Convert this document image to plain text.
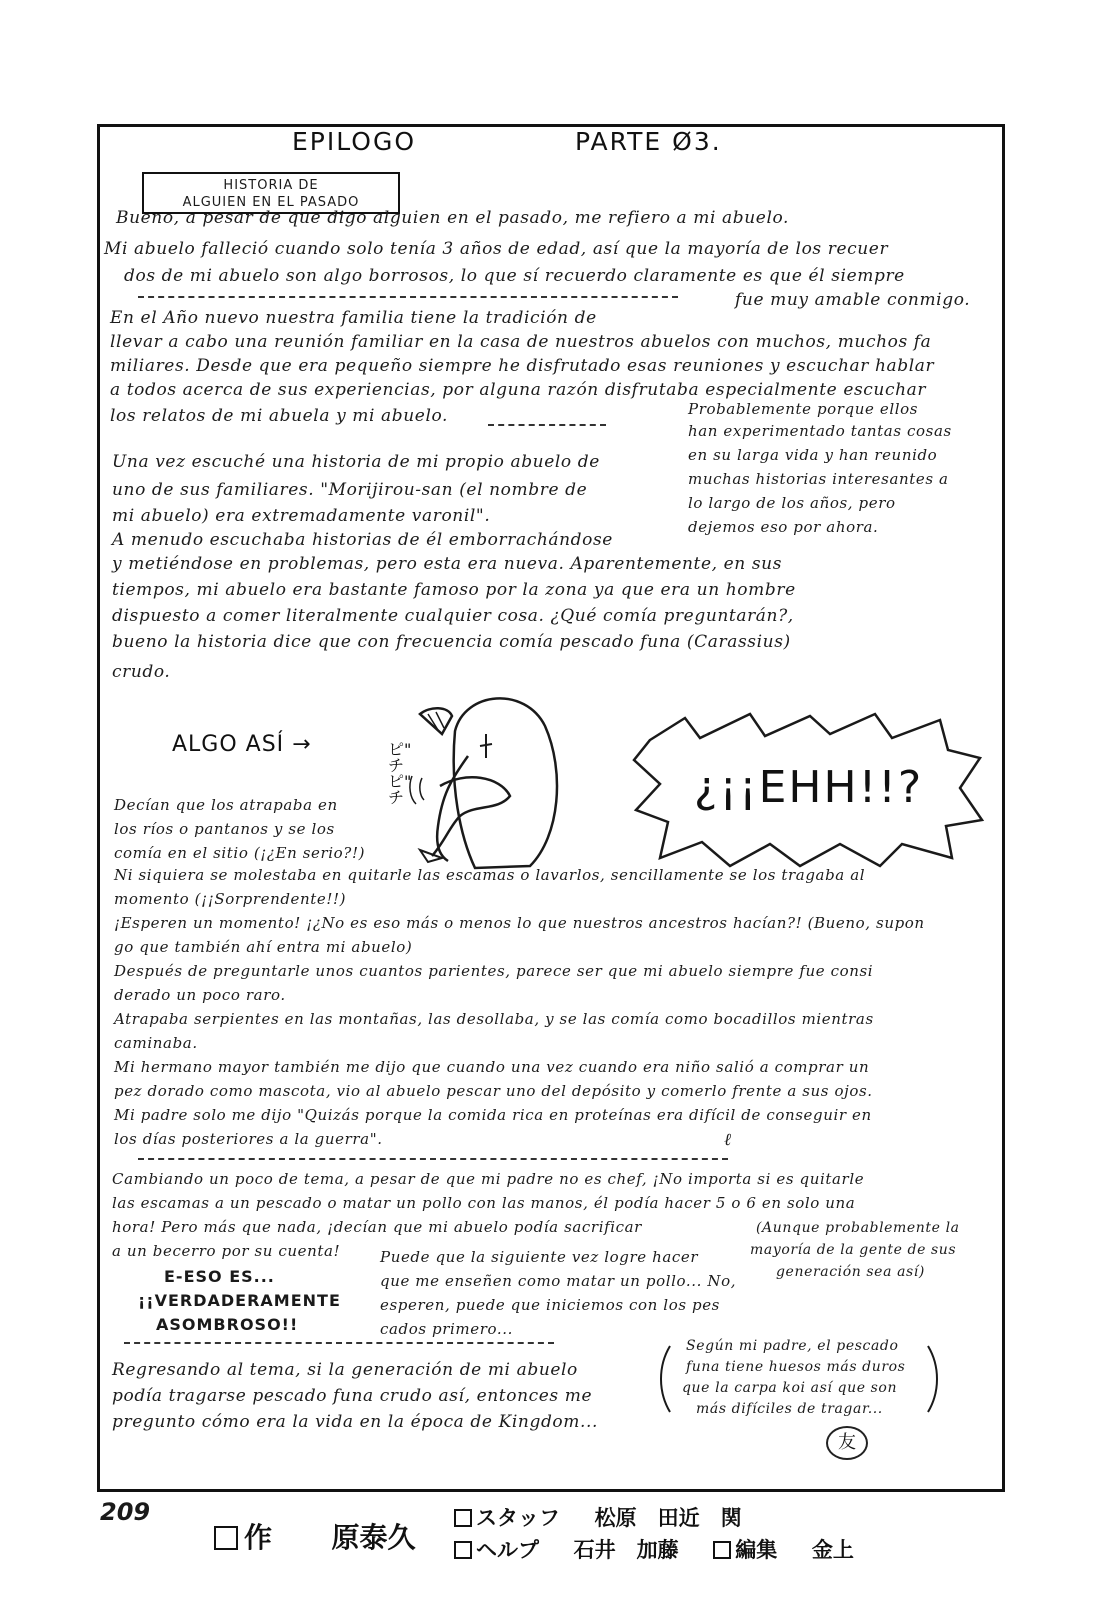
EPILOGO	PARTE Ø3.
HISTORIA DE
ALGUIEN EN EL PASADO
Bueno, a pesar de que digo alguien en el pasado, me refiero a mi abuelo.
Mi abuelo falleció cuando solo tenía 3 años de edad, así que la mayoría de los recuer
dos de mi abuelo son algo borrosos, lo que sí recuerdo claramente es que él siempre
fue muy amable conmigo.
En el Año nuevo nuestra familia tiene la tradición de
llevar a cabo una reunión familiar en la casa de nuestros abuelos con muchos, muchos fa
miliares. Desde que era pequeño siempre he disfrutado esas reuniones y escuchar hablar
a todos acerca de sus experiencias, por alguna razón disfrutaba especialmente escuchar
los relatos de mi abuela y mi abuelo.	Probablemente porque ellos
han experimentado tantas cosas
en su larga vida y han reunido
muchas historias interesantes a
lo largo de los años, pero
dejemos eso por ahora.
Una vez escuché una historia de mi propio abuelo de
uno de sus familiares. "Morijirou-san (el nombre de
mi abuelo) era extremadamente varonil".
A menudo escuchaba historias de él emborrachándose
y metiéndose en problemas, pero esta era nueva. Aparentemente, en sus
tiempos, mi abuelo era bastante famoso por la zona ya que era un hombre
dispuesto a comer literalmente cualquier cosa. ¿Qué comía preguntarán?,
bueno la historia dice que con frecuencia comía pescado funa (Carassius)
crudo.
ALGO ASÍ →	ピ"
チ
ピ"
チ	¿¡¡EHH!!?
Decían que los atrapaba en
los ríos o pantanos y se los
comía en el sitio (¡¿En serio?!)
Ni siquiera se molestaba en quitarle las escamas o lavarlos, sencillamente se los tragaba al
momento (¡¡Sorprendente!!)
¡Esperen un momento! ¡¿No es eso más o menos lo que nuestros ancestros hacían?! (Bueno, supon
go que también ahí entra mi abuelo)
Después de preguntarle unos cuantos parientes, parece ser que mi abuelo siempre fue consi
derado un poco raro.
Atrapaba serpientes en las montañas, las desollaba, y se las comía como bocadillos mientras
caminaba.
Mi hermano mayor también me dijo que cuando una vez cuando era niño salió a comprar un
pez dorado como mascota, vio al abuelo pescar uno del depósito y comerlo frente a sus ojos.
Mi padre solo me dijo "Quizás porque la comida rica en proteínas era difícil de conseguir en
los días posteriores a la guerra".	ℓ
Cambiando un poco de tema, a pesar de que mi padre no es chef, ¡No importa si es quitarle
las escamas a un pescado o matar un pollo con las manos, él podía hacer 5 o 6 en solo una
hora! Pero más que nada, ¡decían que mi abuelo podía sacrificar
a un becerro por su cuenta!
(Aunque probablemente la
mayoría de la gente de sus
generación sea así)
E-ESO ES...
¡¡VERDADERAMENTE
ASOMBROSO!!
Puede que la siguiente vez logre hacer
que me enseñen como matar un pollo... No,
esperen, puede que iniciemos con los pes
cados primero...
Regresando al tema, si la generación de mi abuelo
podía tragarse pescado funa crudo así, entonces me
pregunto cómo era la vida en la época de Kingdom...
Según mi padre, el pescado
funa tiene huesos más duros
que la carpa koi así que son
más difíciles de tragar...
友
209
作 原泰久
スタッフ 松原　田近　関
ヘルプ 石井　加藤	編集 金上
